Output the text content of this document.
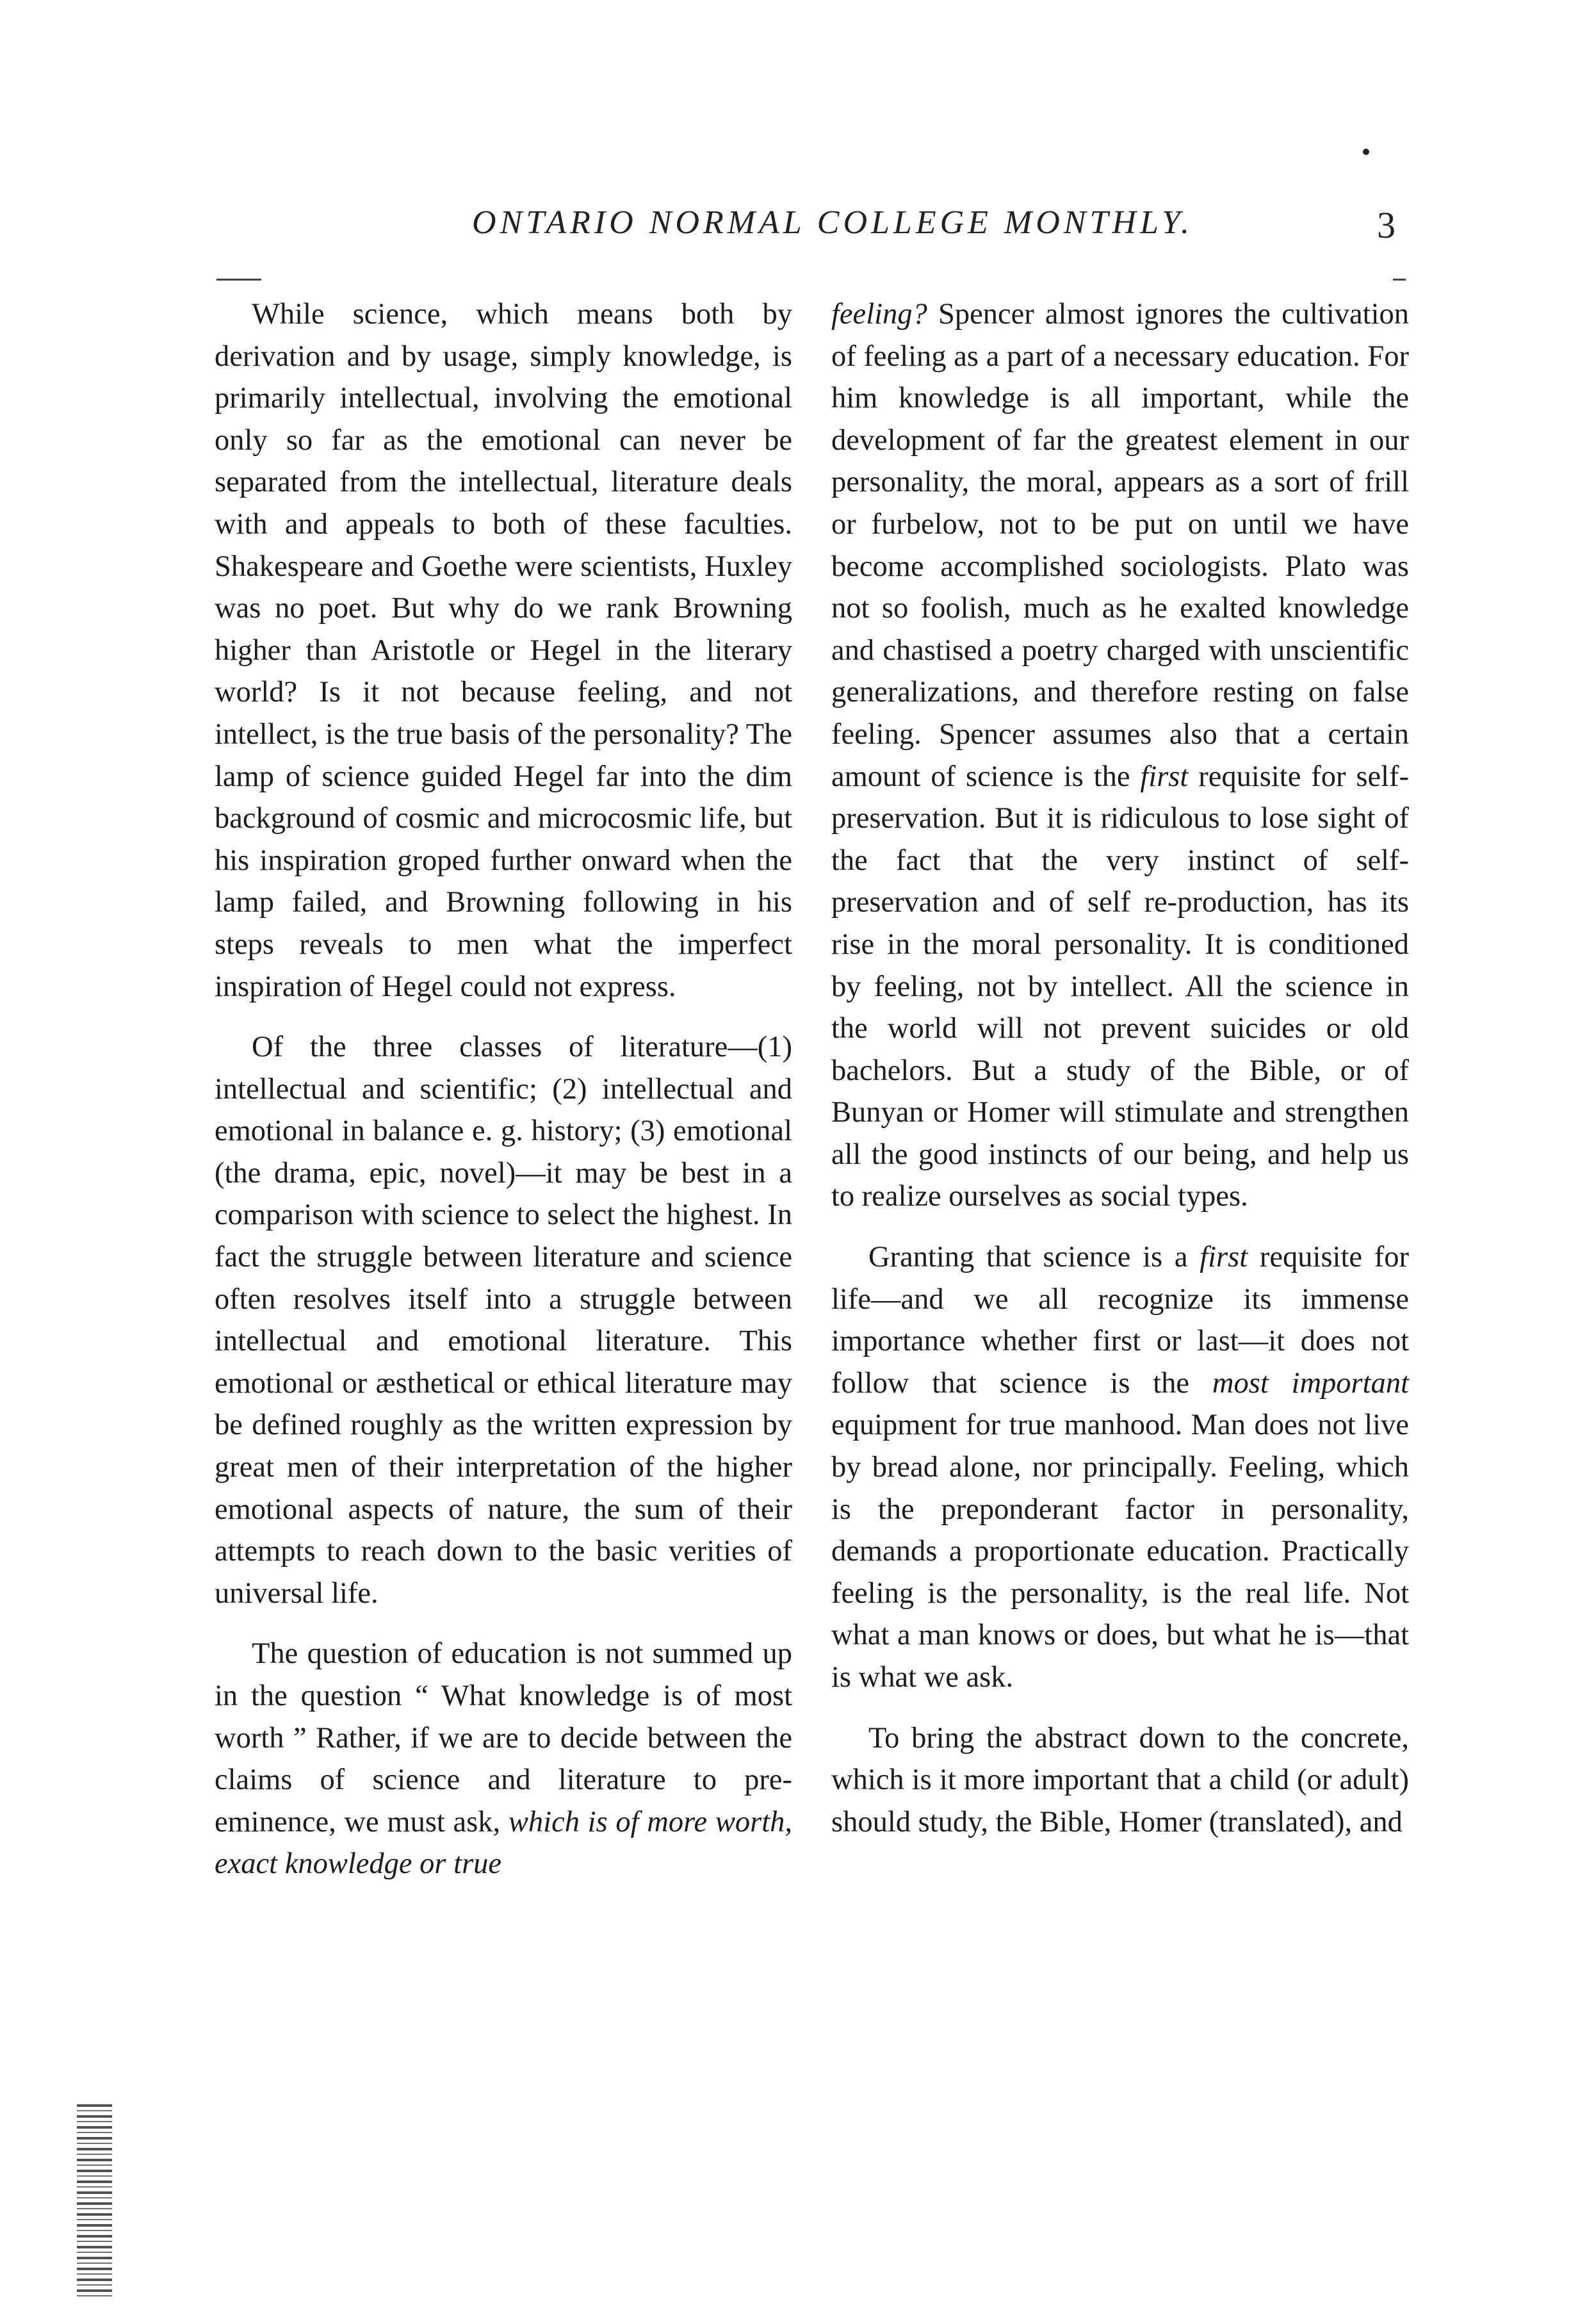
ONTARIO NORMAL COLLEGE MONTHLY.	3

While science, which means both by derivation and by usage, simply knowledge, is primarily intellectual, involving the emotional only so far as the emotional can never be separated from the intellectual, literature deals with and appeals to both of these faculties. Shakespeare and Goethe were scientists, Huxley was no poet. But why do we rank Browning higher than Aristotle or Hegel in the literary world? Is it not because feeling, and not intellect, is the true basis of the personality? The lamp of science guided Hegel far into the dim background of cosmic and microcosmic life, but his inspiration groped further onward when the lamp failed, and Browning following in his steps reveals to men what the imperfect inspiration of Hegel could not express.

Of the three classes of literature—(1) intellectual and scientific; (2) intellectual and emotional in balance e. g. history; (3) emotional (the drama, epic, novel)—it may be best in a comparison with science to select the highest. In fact the struggle between literature and science often resolves itself into a struggle between intellectual and emotional literature. This emotional or æsthetical or ethical literature may be defined roughly as the written expression by great men of their interpretation of the higher emotional aspects of nature, the sum of their attempts to reach down to the basic verities of universal life.

The question of education is not summed up in the question “ What knowledge is of most worth ” Rather, if we are to decide between the claims of science and literature to pre-eminence, we must ask, which is of more worth, exact knowledge or true

feeling? Spencer almost ignores the cultivation of feeling as a part of a necessary education. For him knowledge is all important, while the development of far the greatest element in our personality, the moral, appears as a sort of frill or furbelow, not to be put on until we have become accomplished sociologists. Plato was not so foolish, much as he exalted knowledge and chastised a poetry charged with unscientific generalizations, and therefore resting on false feeling. Spencer assumes also that a certain amount of science is the first requisite for self-preservation. But it is ridiculous to lose sight of the fact that the very instinct of self-preservation and of self re-production, has its rise in the moral personality. It is conditioned by feeling, not by intellect. All the science in the world will not prevent suicides or old bachelors. But a study of the Bible, or of Bunyan or Homer will stimulate and strengthen all the good instincts of our being, and help us to realize ourselves as social types.

Granting that science is a first requisite for life—and we all recognize its immense importance whether first or last—it does not follow that science is the most important equipment for true manhood. Man does not live by bread alone, nor principally. Feeling, which is the preponderant factor in personality, demands a proportionate education. Practically feeling is the personality, is the real life. Not what a man knows or does, but what he is—that is what we ask.

To bring the abstract down to the concrete, which is it more important that a child (or adult) should study, the Bible, Homer (translated), and
